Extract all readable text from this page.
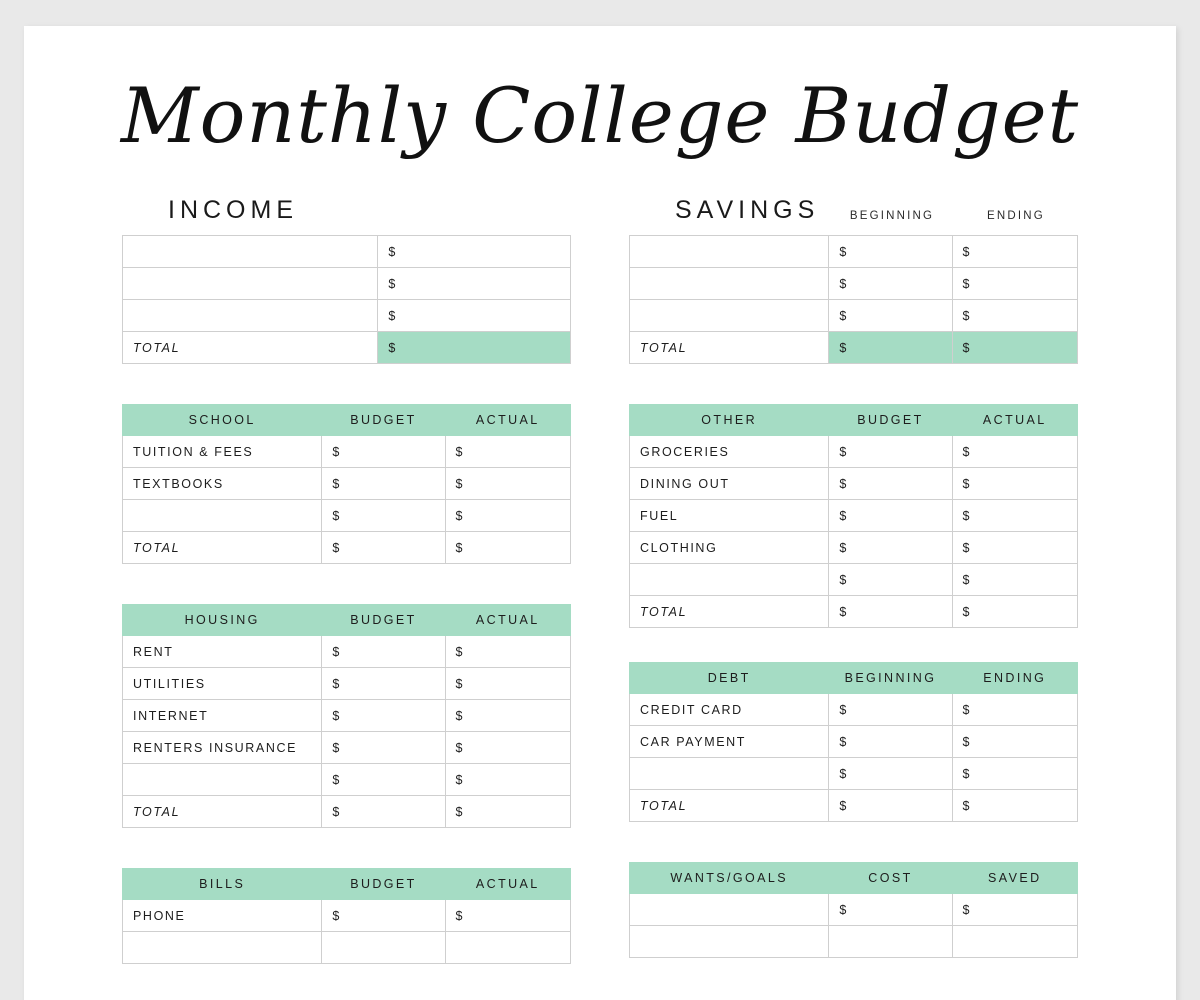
Monthly College Budget
INCOME
	$
	$
	$
TOTAL	$
SCHOOL	BUDGET	ACTUAL
TUITION & FEES	$	$
TEXTBOOKS	$	$
	$	$
TOTAL	$	$
HOUSING	BUDGET	ACTUAL
RENT	$	$
UTILITIES	$	$
INTERNET	$	$
RENTERS INSURANCE	$	$
	$	$
TOTAL	$	$
BILLS	BUDGET	ACTUAL
PHONE	$	$

SAVINGS	BEGINNING	ENDING
	$	$
	$	$
	$	$
TOTAL	$	$
OTHER	BUDGET	ACTUAL
GROCERIES	$	$
DINING OUT	$	$
FUEL	$	$
CLOTHING	$	$
	$	$
TOTAL	$	$
DEBT	BEGINNING	ENDING
CREDIT CARD	$	$
CAR PAYMENT	$	$
	$	$
TOTAL	$	$
WANTS/GOALS	COST	SAVED
	$	$
